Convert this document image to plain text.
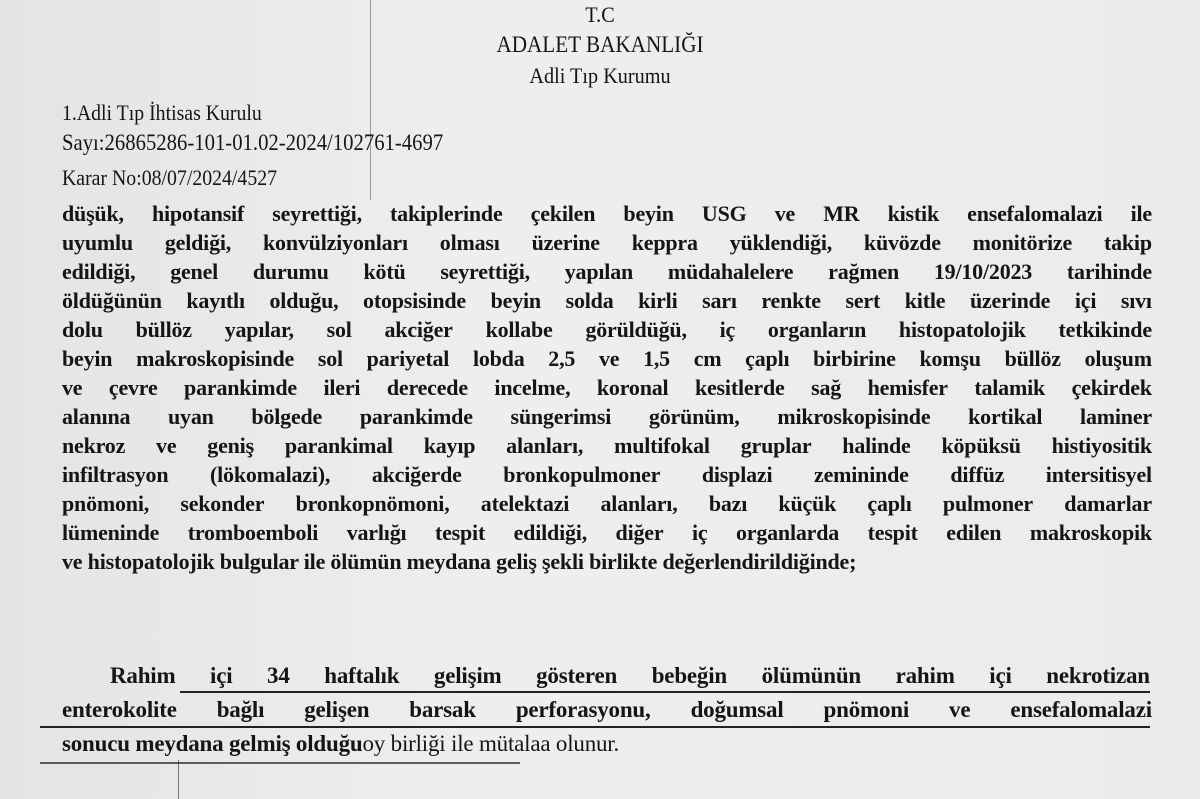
T.C
ADALET BAKANLIĞI
Adli Tıp Kurumu
1.Adli Tıp İhtisas Kurulu
Sayı:26865286-101-01.02-2024/102761-4697
Karar No:08/07/2024/4527
düşük, hipotansif seyrettiği, takiplerinde çekilen beyin USG ve MR kistik ensefalomalazi ile
uyumlu geldiği, konvülziyonları olması üzerine keppra yüklendiği, küvözde monitörize takip
edildiği, genel durumu kötü seyrettiği, yapılan müdahalelere rağmen 19/10/2023 tarihinde
öldüğünün kayıtlı olduğu, otopsisinde beyin solda kirli sarı renkte sert kitle üzerinde içi sıvı
dolu büllöz yapılar, sol akciğer kollabe görüldüğü, iç organların histopatolojik tetkikinde
beyin makroskopisinde sol pariyetal lobda 2,5 ve 1,5 cm çaplı birbirine komşu büllöz oluşum
ve çevre parankimde ileri derecede incelme, koronal kesitlerde sağ hemisfer talamik çekirdek
alanına uyan bölgede parankimde süngerimsi görünüm, mikroskopisinde kortikal laminer
nekroz ve geniş parankimal kayıp alanları, multifokal gruplar halinde köpüksü histiyositik
infiltrasyon (lökomalazi), akciğerde bronkopulmoner displazi zemininde diffüz intersitisyel
pnömoni, sekonder bronkopnömoni, atelektazi alanları, bazı küçük çaplı pulmoner damarlar
lümeninde tromboemboli varlığı tespit edildiği, diğer iç organlarda tespit edilen makroskopik
ve histopatolojik bulgular ile ölümün meydana geliş şekli birlikte değerlendirildiğinde;
Rahim içi 34 haftalık gelişim gösteren bebeğin ölümünün rahim içi nekrotizan
enterokolite bağlı gelişen barsak perforasyonu, doğumsal pnömoni ve ensefalomalazi
sonucu meydana gelmiş olduğuoy birliği ile mütalaa olunur.
